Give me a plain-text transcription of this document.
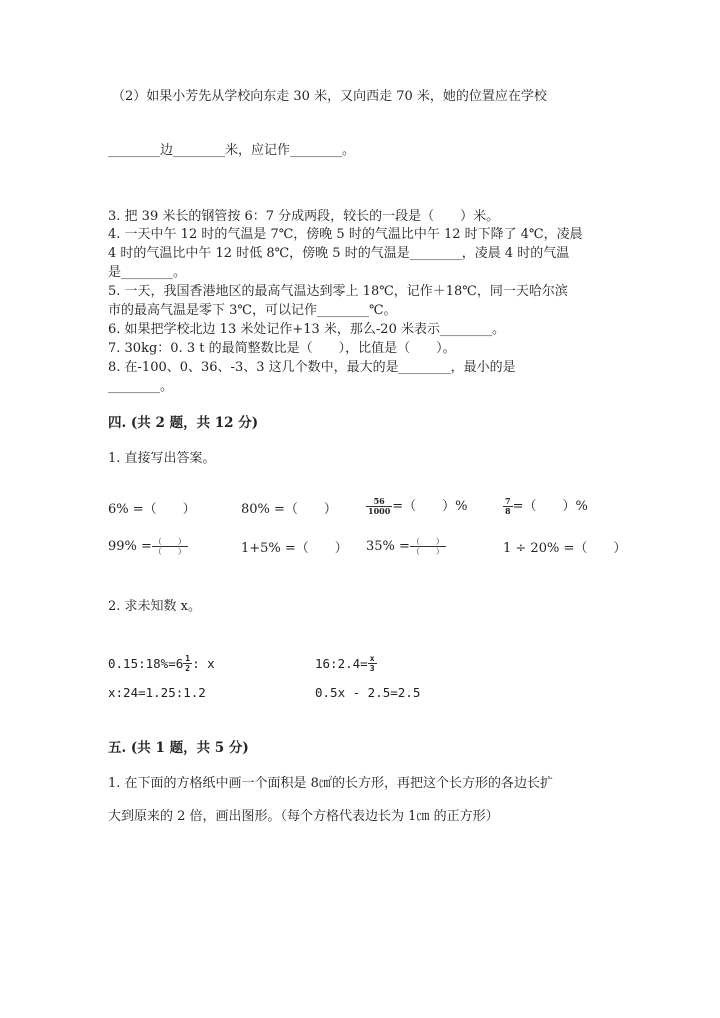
（2）如果小芳先从学校向东走 30 米，又向西走 70 米，她的位置应在学校
________边________米，应记作________。
3. 把 39 米长的钢管按 6：7 分成两段，较长的一段是（　　）米。
4. 一天中午 12 时的气温是 7℃，傍晚 5 时的气温比中午 12 时下降了 4℃，凌晨
4 时的气温比中午 12 时低 8℃，傍晚 5 时的气温是________，凌晨 4 时的气温
是________。
5. 一天，我国香港地区的最高气温达到零上 18℃，记作＋18℃，同一天哈尔滨
市的最高气温是零下 3℃，可以记作________℃。
6. 如果把学校北边 13 米处记作+13 米，那么-20 米表示________。
7. 30kg：0. 3 t 的最简整数比是（　　），比值是（　　）。
8. 在-100、0、36、-3、3 这几个数中，最大的是________，最小的是
________。
四. (共 2 题，共 12 分)
1. 直接写出答案。
6% =（　　）	80% =（　　）	$\frac{56}{1000}$ =（　　）%	$\frac{7}{8}$ =（　　）%
$99\% = \frac{( )}{( )}$	1+5% =（　　） $35\% = \frac{( )}{( )}$	1 ÷ 20% =（　　）
2. 求未知数 x。
0.15:18%=6 $\frac{1}{2}$ : x	16:2.4= $\frac{x}{3}$
x:24=1.25:1.2	0.5x - 2.5=2.5
五. (共 1 题，共 5 分)
1. 在下面的方格纸中画一个面积是 8㎠的长方形，再把这个长方形的各边长扩
大到原来的 2 倍，画出图形。（每个方格代表边长为 1㎝ 的正方形）
